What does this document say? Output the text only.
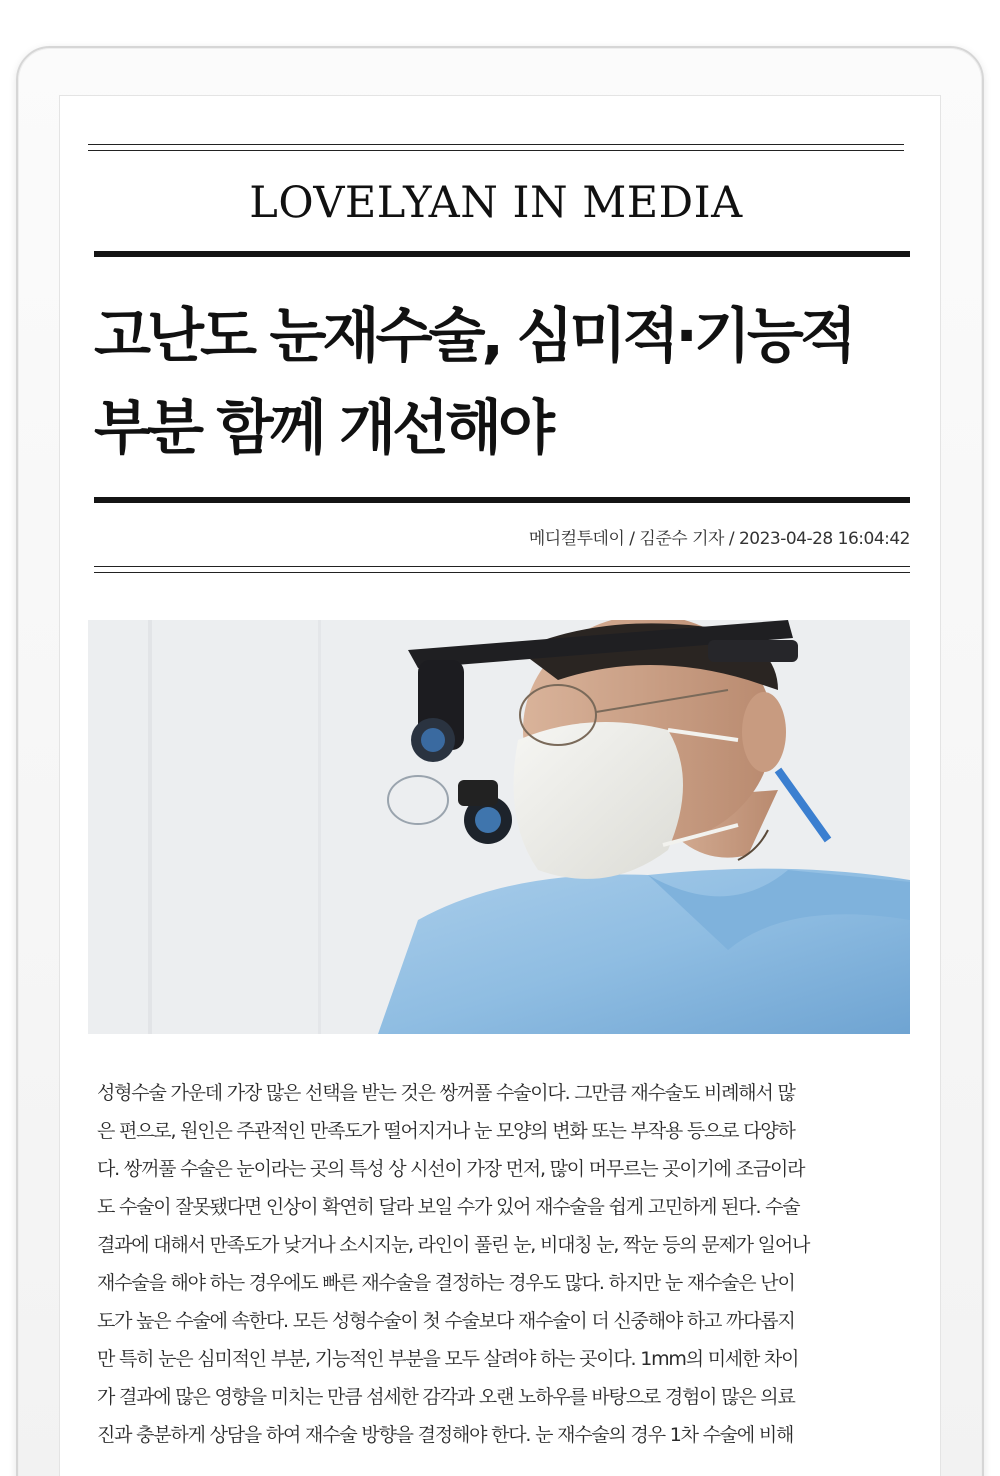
LOVELYAN IN MEDIA
고난도 눈재수술, 심미적·기능적
부분 함께 개선해야
메디컬투데이 / 김준수 기자 / 2023-04-28 16:04:42

성형수술 가운데 가장 많은 선택을 받는 것은 쌍꺼풀 수술이다. 그만큼 재수술도 비례해서 많
은 편으로, 원인은 주관적인 만족도가 떨어지거나 눈 모양의 변화 또는 부작용 등으로 다양하
다. 쌍꺼풀 수술은 눈이라는 곳의 특성 상 시선이 가장 먼저, 많이 머무르는 곳이기에 조금이라
도 수술이 잘못됐다면 인상이 확연히 달라 보일 수가 있어 재수술을 쉽게 고민하게 된다. 수술
결과에 대해서 만족도가 낮거나 소시지눈, 라인이 풀린 눈, 비대칭 눈, 짝눈 등의 문제가 일어나
재수술을 해야 하는 경우에도 빠른 재수술을 결정하는 경우도 많다. 하지만 눈 재수술은 난이
도가 높은 수술에 속한다. 모든 성형수술이 첫 수술보다 재수술이 더 신중해야 하고 까다롭지
만 특히 눈은 심미적인 부분, 기능적인 부분을 모두 살려야 하는 곳이다. 1mm의 미세한 차이
가 결과에 많은 영향을 미치는 만큼 섬세한 감각과 오랜 노하우를 바탕으로 경험이 많은 의료
진과 충분하게 상담을 하여 재수술 방향을 결정해야 한다. 눈 재수술의 경우 1차 수술에 비해
